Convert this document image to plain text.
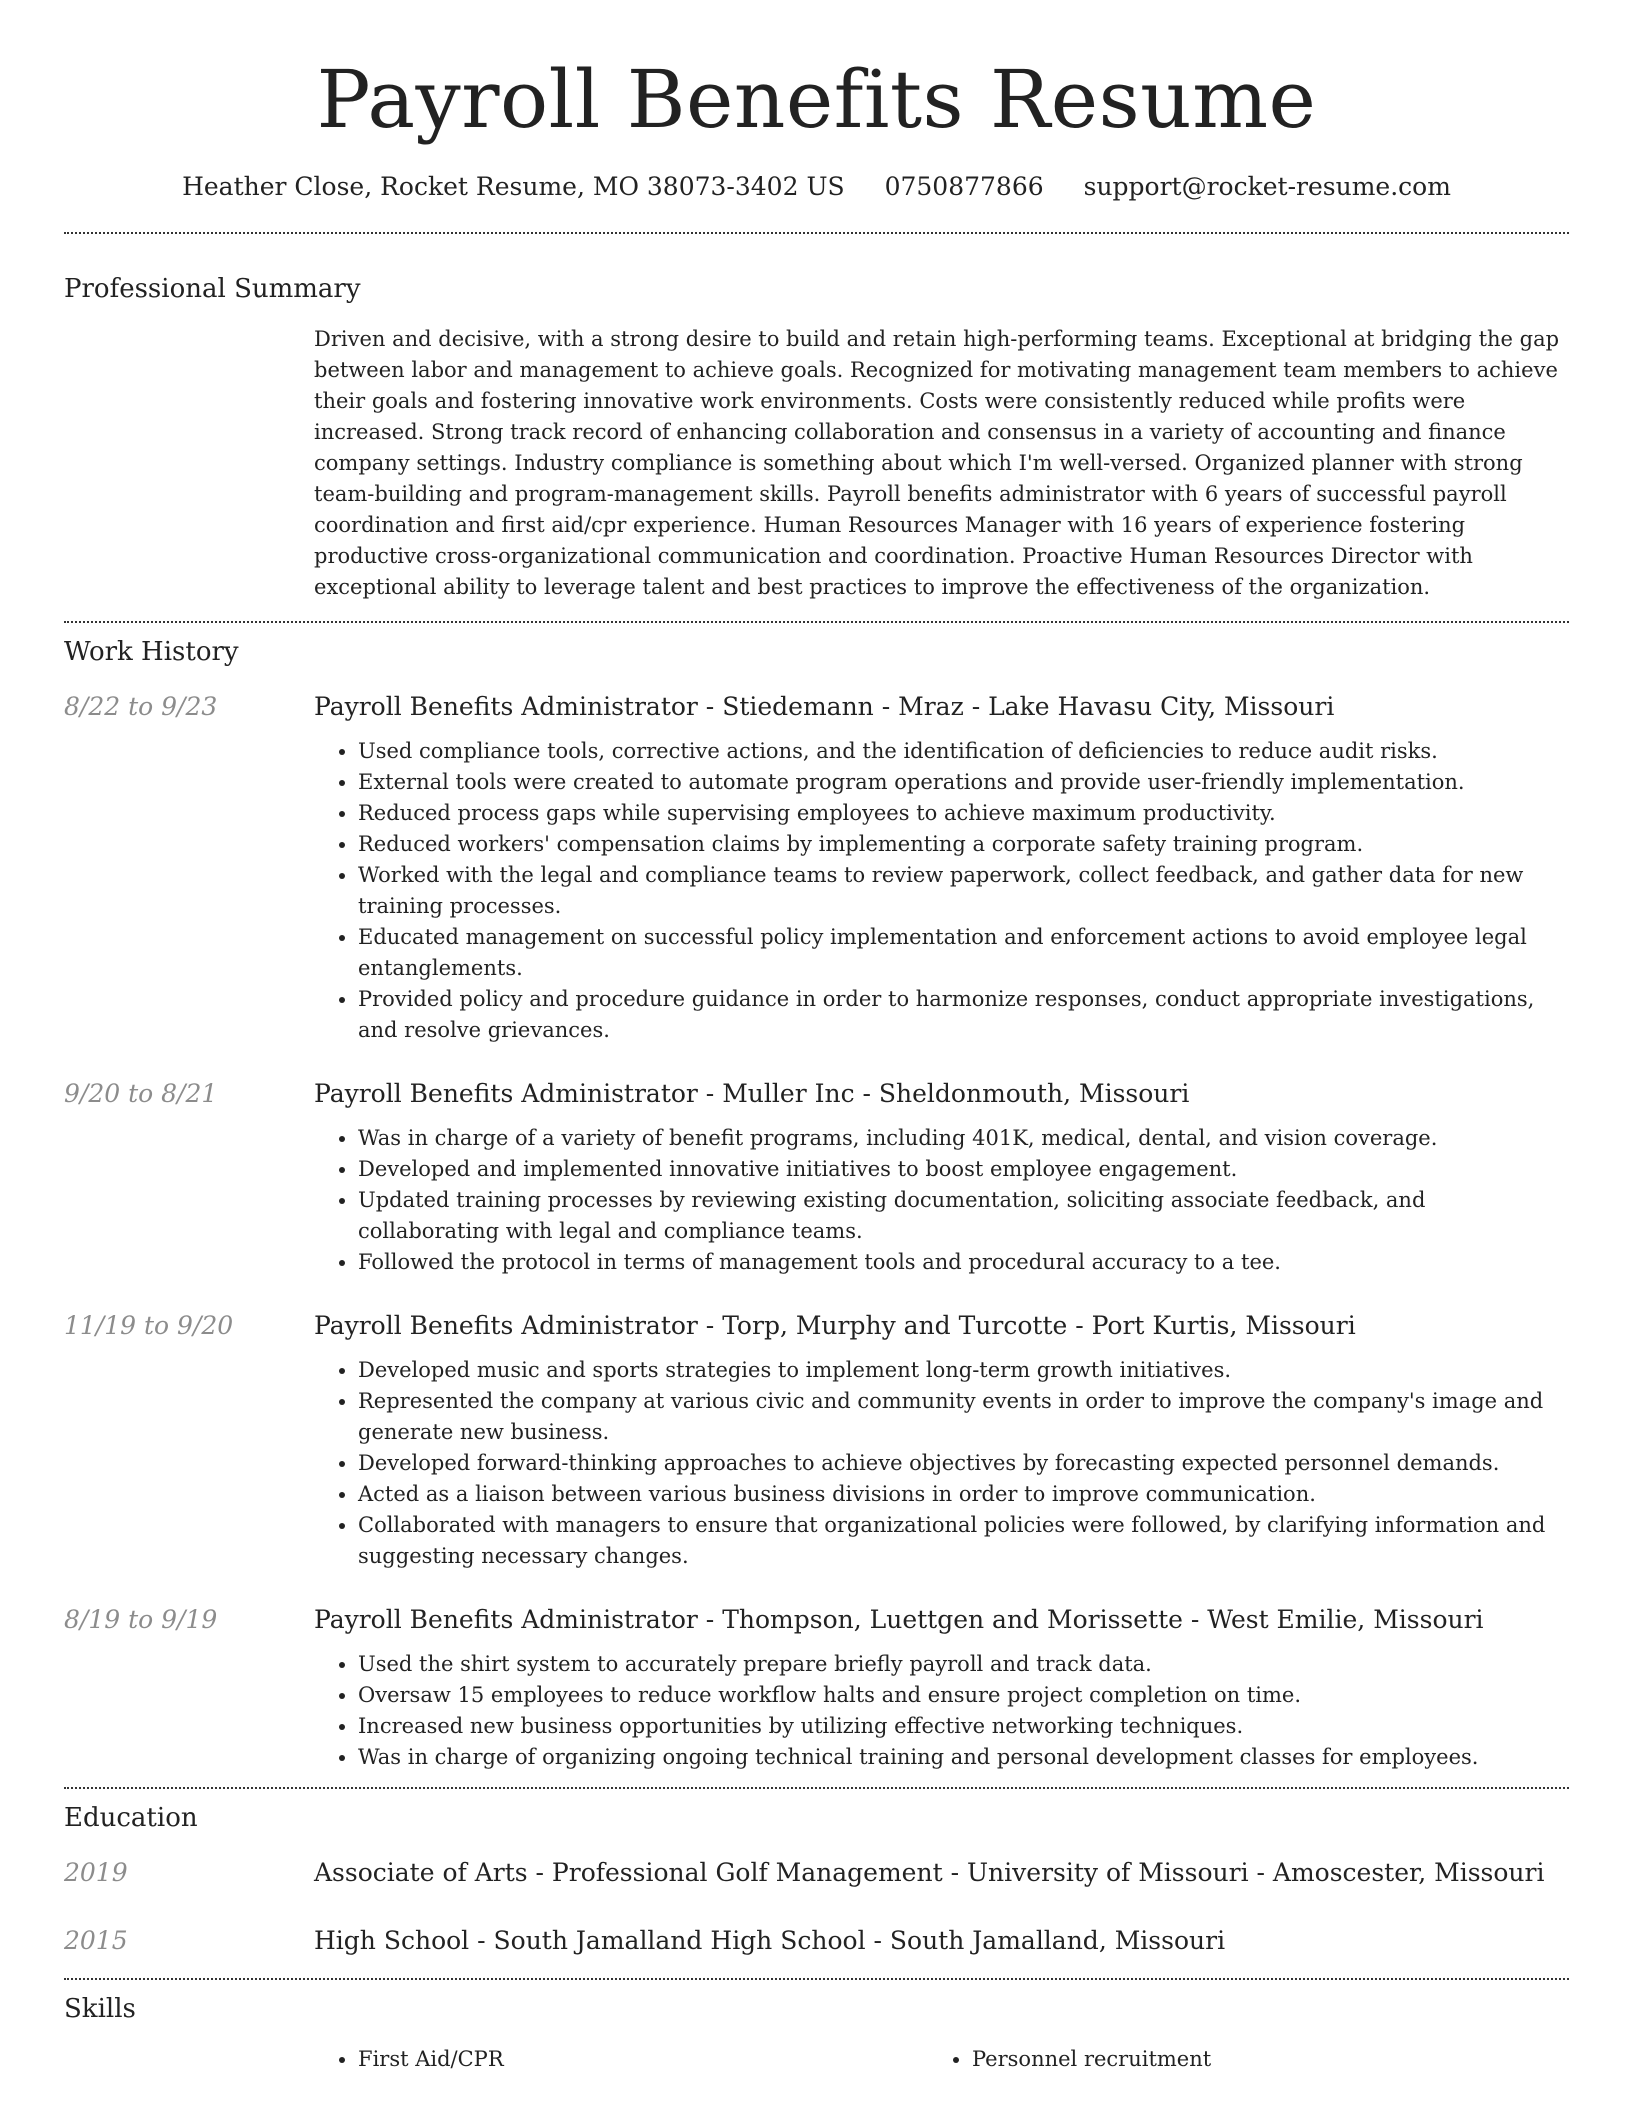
Payroll Benefits Resume
Heather Close, Rocket Resume, MO 38073-3402 US 0750877866 support@rocket-resume.com
Professional Summary

Driven and decisive, with a strong desire to build and retain high-performing teams. Exceptional at bridging the gap between labor and management to achieve goals. Recognized for motivating management team members to achieve their goals and fostering innovative work environments. Costs were consistently reduced while profits were increased. Strong track record of enhancing collaboration and consensus in a variety of accounting and finance company settings. Industry compliance is something about which I'm well-versed. Organized planner with strong team-building and program-management skills. Payroll benefits administrator with 6 years of successful payroll coordination and first aid/cpr experience. Human Resources Manager with 16 years of experience fostering productive cross-organizational communication and coordination. Proactive Human Resources Director with exceptional ability to leverage talent and best practices to improve the effectiveness of the organization.

Work History
8/22 to 9/23	Payroll Benefits Administrator - Stiedemann - Mraz - Lake Havasu City, Missouri
• Used compliance tools, corrective actions, and the identification of deficiencies to reduce audit risks.
• External tools were created to automate program operations and provide user-friendly implementation.
• Reduced process gaps while supervising employees to achieve maximum productivity.
• Reduced workers' compensation claims by implementing a corporate safety training program.
• Worked with the legal and compliance teams to review paperwork, collect feedback, and gather data for new training processes.
• Educated management on successful policy implementation and enforcement actions to avoid employee legal entanglements.
• Provided policy and procedure guidance in order to harmonize responses, conduct appropriate investigations, and resolve grievances.
9/20 to 8/21	Payroll Benefits Administrator - Muller Inc - Sheldonmouth, Missouri
• Was in charge of a variety of benefit programs, including 401K, medical, dental, and vision coverage.
• Developed and implemented innovative initiatives to boost employee engagement.
• Updated training processes by reviewing existing documentation, soliciting associate feedback, and collaborating with legal and compliance teams.
• Followed the protocol in terms of management tools and procedural accuracy to a tee.
11/19 to 9/20	Payroll Benefits Administrator - Torp, Murphy and Turcotte - Port Kurtis, Missouri
• Developed music and sports strategies to implement long-term growth initiatives.
• Represented the company at various civic and community events in order to improve the company's image and generate new business.
• Developed forward-thinking approaches to achieve objectives by forecasting expected personnel demands.
• Acted as a liaison between various business divisions in order to improve communication.
• Collaborated with managers to ensure that organizational policies were followed, by clarifying information and suggesting necessary changes.
8/19 to 9/19	Payroll Benefits Administrator - Thompson, Luettgen and Morissette - West Emilie, Missouri
• Used the shirt system to accurately prepare briefly payroll and track data.
• Oversaw 15 employees to reduce workflow halts and ensure project completion on time.
• Increased new business opportunities by utilizing effective networking techniques.
• Was in charge of organizing ongoing technical training and personal development classes for employees.
Education
2019	Associate of Arts - Professional Golf Management - University of Missouri - Amoscester, Missouri
2015	High School - South Jamalland High School - South Jamalland, Missouri
Skills
• First Aid/CPR
•	Personnel recruitment
